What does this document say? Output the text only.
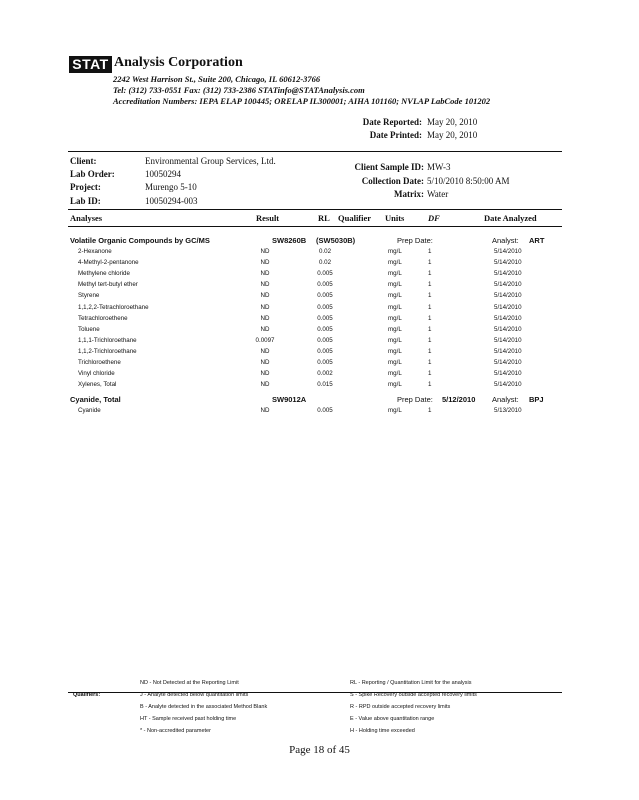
STAT Analysis Corporation
2242 West Harrison St., Suite 200, Chicago, IL 60612-3766
Tel: (312) 733-0551 Fax: (312) 733-2386 STATinfo@STATAnalysis.com
Accreditation Numbers: IEPA ELAP 100445; ORELAP IL300001; AIHA 101160; NVLAP LabCode 101202
Date Reported: May 20, 2010
Date Printed: May 20, 2010
Client:	Environmental Group Services, Ltd.
Lab Order:	10050294
Project:	Murengo 5-10
Lab ID:	10050294-003
Client Sample ID: MW-3
Collection Date: 5/10/2010 8:50:00 AM
Matrix: Water
Analyses	Result	RL Qualifier Units	DF	Date Analyzed
Volatile Organic Compounds by GC/MS	SW8260B (SW5030B)	Prep Date:	Analyst: ART
2-Hexanone	ND	0.02	mg/L	1	5/14/2010
4-Methyl-2-pentanone	ND	0.02	mg/L	1	5/14/2010
Methylene chloride	ND	0.005	mg/L	1	5/14/2010
Methyl tert-butyl ether	ND	0.005	mg/L	1	5/14/2010
Styrene	ND	0.005	mg/L	1	5/14/2010
1,1,2,2-Tetrachloroethane	ND	0.005	mg/L	1	5/14/2010
Tetrachloroethene	ND	0.005	mg/L	1	5/14/2010
Toluene	ND	0.005	mg/L	1	5/14/2010
1,1,1-Trichloroethane	0.0097	0.005	mg/L	1	5/14/2010
1,1,2-Trichloroethane	ND	0.005	mg/L	1	5/14/2010
Trichloroethene	ND	0.005	mg/L	1	5/14/2010
Vinyl chloride	ND	0.002	mg/L	1	5/14/2010
Xylenes, Total	ND	0.015	mg/L	1	5/14/2010
Cyanide, Total	SW9012A	Prep Date: 5/12/2010 Analyst: BPJ
Cyanide	ND	0.005	mg/L	1	5/13/2010
Qualifiers:
ND - Not Detected at the Reporting Limit
J - Analyte detected below quantitation limits
B - Analyte detected in the associated Method Blank
HT - Sample received past holding time
* - Non-accredited parameter
RL - Reporting / Quantitation Limit for the analysis
S - Spike Recovery outside accepted recovery limits
R - RPD outside accepted recovery limits
E - Value above quantitation range
H - Holding time exceeded
Page 18 of 45
